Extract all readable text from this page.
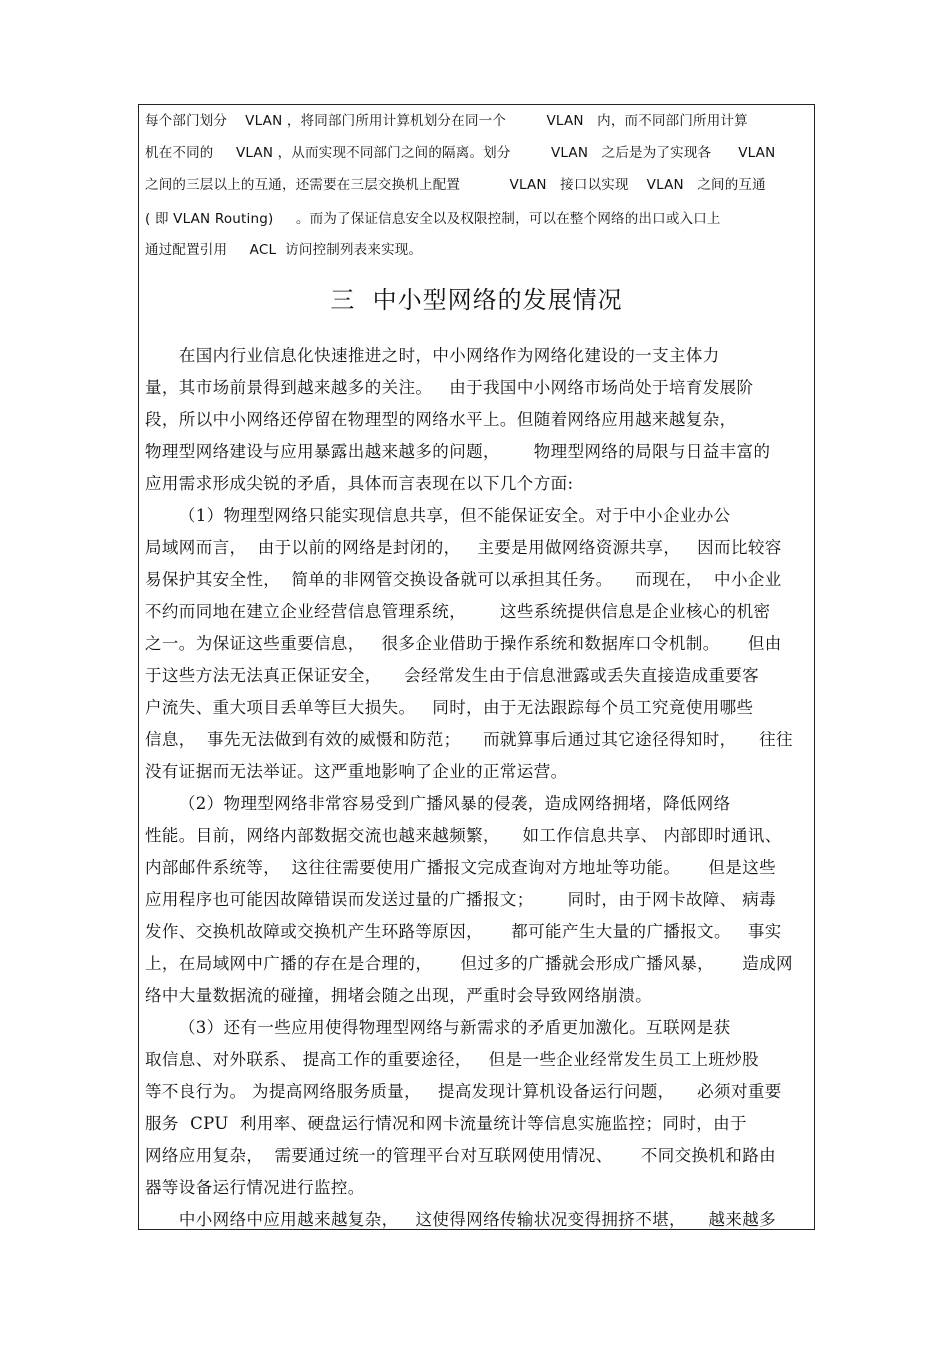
每个部门划分    VLAN ，将同部门所用计算机划分在同一个         VLAN   内，而不同部门所用计算
机在不同的     VLAN ，从而实现不同部门之间的隔离。划分         VLAN   之后是为了实现各      VLAN
之间的三层以上的互通，还需要在三层交换机上配置           VLAN   接口以实现    VLAN   之间的互通
( 即 VLAN Routing)     。而为了保证信息安全以及权限控制，可以在整个网络的出口或入口上
通过配置引用     ACL  访问控制列表来实现。
三  中小型网络的发展情况
在国内行业信息化快速推进之时，中小网络作为网络化建设的一支主体力
量，其市场前景得到越来越多的关注。   由于我国中小网络市场尚处于培育发展阶
段，所以中小网络还停留在物理型的网络水平上。但随着网络应用越来越复杂，
物理型网络建设与应用暴露出越来越多的问题，      物理型网络的局限与日益丰富的
应用需求形成尖锐的矛盾，具体而言表现在以下几个方面:
（1）物理型网络只能实现信息共享，但不能保证安全。对于中小企业办公
局域网而言，  由于以前的网络是封闭的，   主要是用做网络资源共享，   因而比较容
易保护其安全性，  简单的非网管交换设备就可以承担其任务。    而现在，  中小企业
不约而同地在建立企业经营信息管理系统，      这些系统提供信息是企业核心的机密
之一。为保证这些重要信息，   很多企业借助于操作系统和数据库口令机制。     但由
于这些方法无法真正保证安全，    会经常发生由于信息泄露或丢失直接造成重要客
户流失、重大项目丢单等巨大损失。   同时，由于无法跟踪每个员工究竟使用哪些
信息，  事先无法做到有效的威慑和防范；    而就算事后通过其它途径得知时，    往往
没有证据而无法举证。这严重地影响了企业的正常运营。
（2）物理型网络非常容易受到广播风暴的侵袭，造成网络拥堵，降低网络
性能。目前，网络内部数据交流也越来越频繁，    如工作信息共享、 内部即时通讯、
内部邮件系统等，  这往往需要使用广播报文完成查询对方地址等功能。     但是这些
应用程序也可能因故障错误而发送过量的广播报文；      同时，由于网卡故障、 病毒
发作、交换机故障或交换机产生环路等原因，     都可能产生大量的广播报文。   事实
上，在局域网中广播的存在是合理的，     但过多的广播就会形成广播风暴，     造成网
络中大量数据流的碰撞，拥堵会随之出现，严重时会导致网络崩溃。
（3）还有一些应用使得物理型网络与新需求的矛盾更加激化。互联网是获
取信息、对外联系、 提高工作的重要途径，   但是一些企业经常发生员工上班炒股
等不良行为。 为提高网络服务质量，   提高发现计算机设备运行问题，    必须对重要
服务  CPU  利用率、硬盘运行情况和网卡流量统计等信息实施监控；同时，由于
网络应用复杂，  需要通过统一的管理平台对互联网使用情况、     不同交换机和路由
器等设备运行情况进行监控。
中小网络中应用越来越复杂，   这使得网络传输状况变得拥挤不堪，    越来越多
